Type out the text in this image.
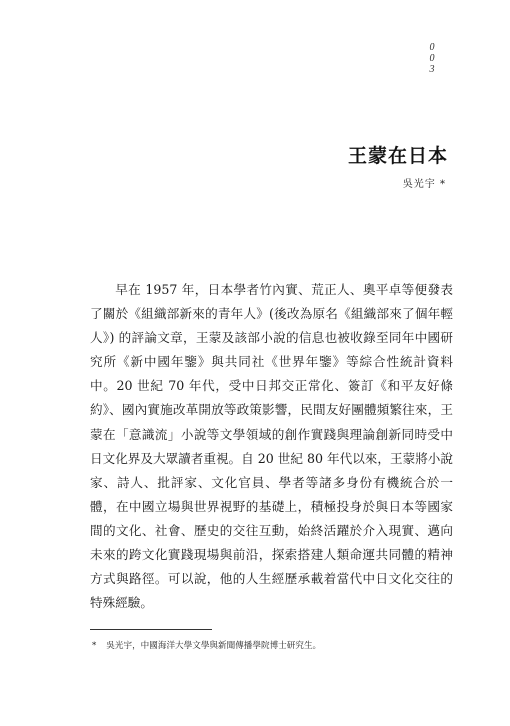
0
0
3
王蒙在日本
吳光宇 *

早在 1957 年，日本學者竹內實、荒正人、奧平卓等便發表了關於《組織部新來的青年人》(後改為原名《組織部來了個年輕人》) 的評論文章，王蒙及該部小說的信息也被收錄至同年中國研究所《新中國年鑒》與共同社《世界年鑒》等綜合性統計資料中。20 世紀 70 年代，受中日邦交正常化、簽訂《和平友好條約》、國內實施改革開放等政策影響，民間友好團體頻繁往來，王蒙在「意識流」小說等文學領域的創作實踐與理論創新同時受中日文化界及大眾讀者重視。自 20 世紀 80 年代以來，王蒙將小說家、詩人、批評家、文化官員、學者等諸多身份有機統合於一體，在中國立場與世界視野的基礎上，積極投身於與日本等國家間的文化、社會、歷史的交往互動，始終活躍於介入現實、邁向未來的跨文化實踐現場與前沿，探索搭建人類命運共同體的精神方式與路徑。可以說，他的人生經歷承載着當代中日文化交往的特殊經驗。

* 吳光宇，中國海洋大學文學與新聞傳播學院博士研究生。
